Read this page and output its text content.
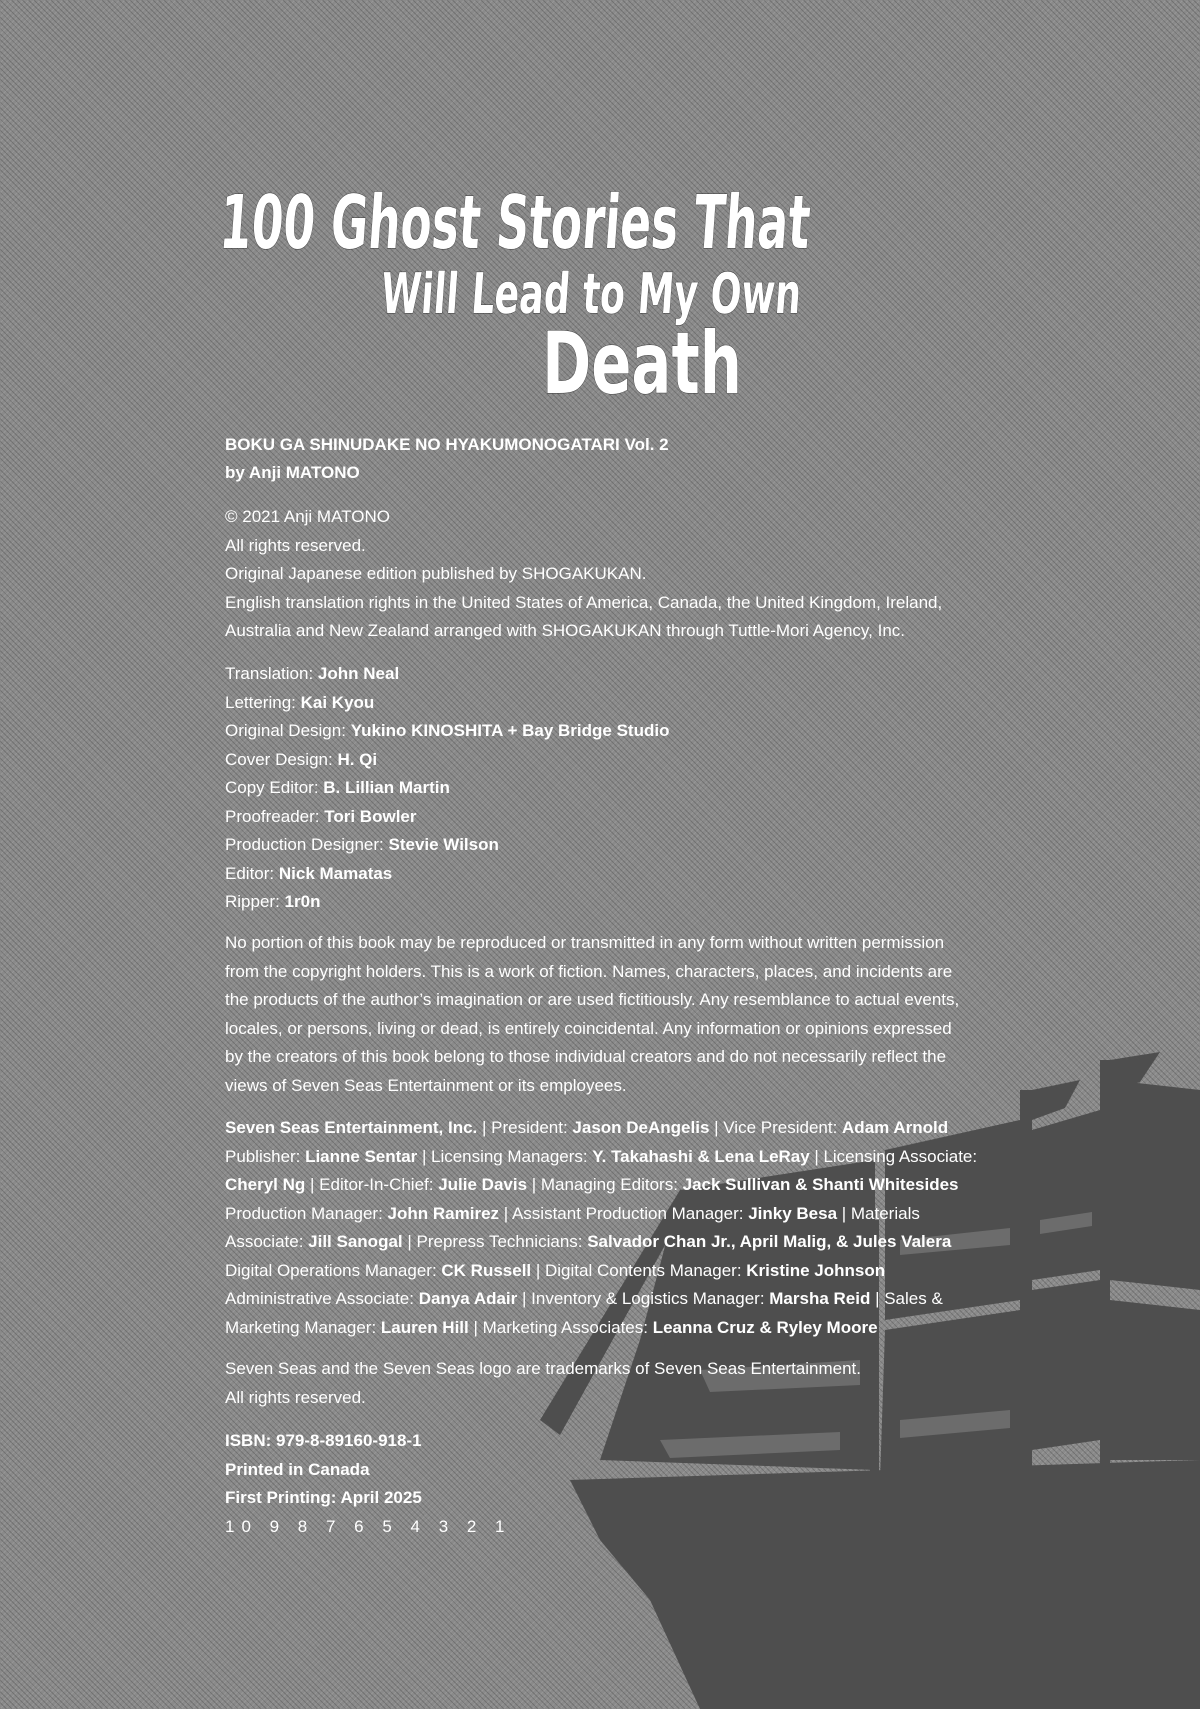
100 Ghost Stories That
Will Lead to My Own
Death
BOKU GA SHINUDAKE NO HYAKUMONOGATARI Vol. 2
by Anji MATONO

© 2021 Anji MATONO

All rights reserved.

Original Japanese edition published by SHOGAKUKAN.

English translation rights in the United States of America, Canada, the United Kingdom, Ireland,

Australia and New Zealand arranged with SHOGAKUKAN through Tuttle-Mori Agency, Inc.

Translation: John Neal

Lettering: Kai Kyou

Original Design: Yukino KINOSHITA + Bay Bridge Studio

Cover Design: H. Qi

Copy Editor: B. Lillian Martin

Proofreader: Tori Bowler

Production Designer: Stevie Wilson

Editor: Nick Mamatas

Ripper: 1r0n

No portion of this book may be reproduced or transmitted in any form without written permission

from the copyright holders. This is a work of fiction. Names, characters, places, and incidents are

the products of the author’s imagination or are used fictitiously. Any resemblance to actual events,

locales, or persons, living or dead, is entirely coincidental. Any information or opinions expressed

by the creators of this book belong to those individual creators and do not necessarily reflect the

views of Seven Seas Entertainment or its employees.

Seven Seas Entertainment, Inc. | President: Jason DeAngelis | Vice President: Adam Arnold

Publisher: Lianne Sentar | Licensing Managers: Y. Takahashi & Lena LeRay | Licensing Associate:

Cheryl Ng | Editor-In-Chief: Julie Davis | Managing Editors: Jack Sullivan & Shanti Whitesides

Production Manager: John Ramirez | Assistant Production Manager: Jinky Besa | Materials

Associate: Jill Sanogal | Prepress Technicians: Salvador Chan Jr., April Malig, & Jules Valera

Digital Operations Manager: CK Russell | Digital Contents Manager: Kristine Johnson

Administrative Associate: Danya Adair | Inventory & Logistics Manager: Marsha Reid | Sales &

Marketing Manager: Lauren Hill | Marketing Associates: Leanna Cruz & Ryley Moore

Seven Seas and the Seven Seas logo are trademarks of Seven Seas Entertainment.

All rights reserved.

ISBN: 979-8-89160-918-1

Printed in Canada

First Printing: April 2025

10 9 8 7 6 5 4 3 2 1
